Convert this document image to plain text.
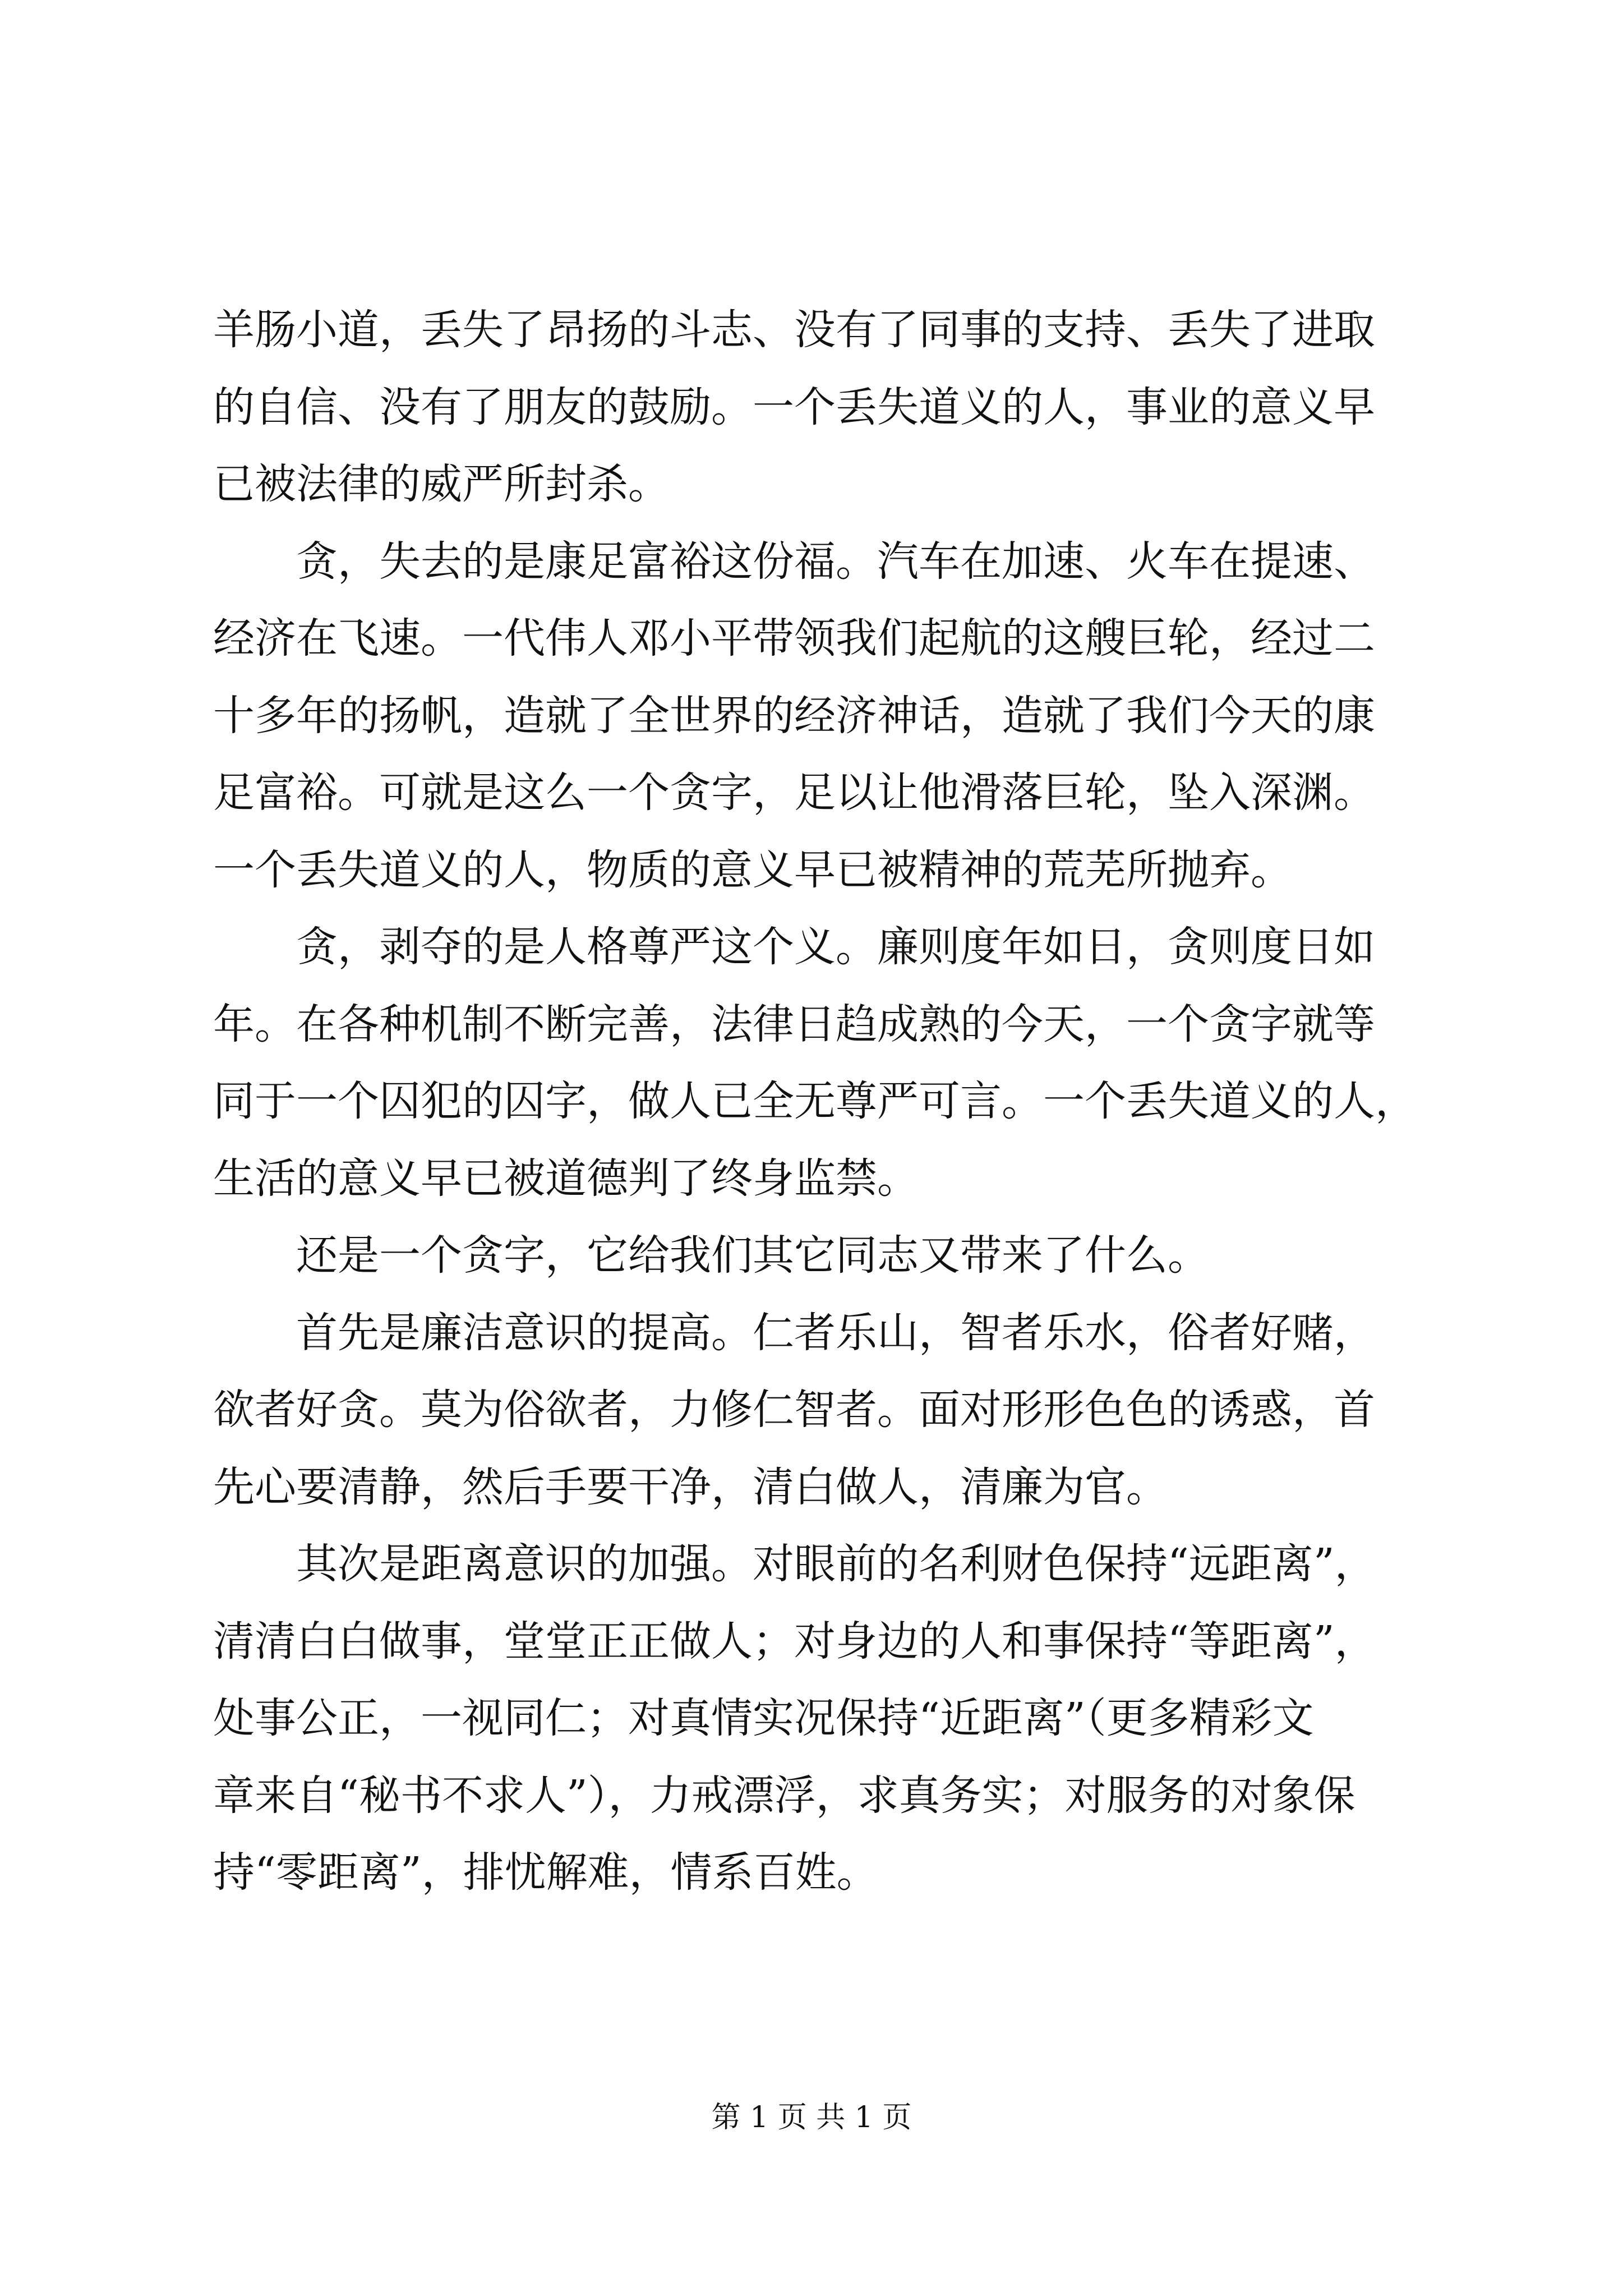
羊肠小道，丢失了昂扬的斗志、没有了同事的支持、丢失了进取
的自信、没有了朋友的鼓励。一个丢失道义的人，事业的意义早
已被法律的威严所封杀。
贪，失去的是康足富裕这份福。汽车在加速、火车在提速、
经济在飞速。一代伟人邓小平带领我们起航的这艘巨轮，经过二
十多年的扬帆，造就了全世界的经济神话，造就了我们今天的康
足富裕。可就是这么一个贪字，足以让他滑落巨轮，坠入深渊。
一个丢失道义的人，物质的意义早已被精神的荒芜所抛弃。
贪，剥夺的是人格尊严这个义。廉则度年如日，贪则度日如
年。在各种机制不断完善，法律日趋成熟的今天，一个贪字就等
同于一个囚犯的囚字，做人已全无尊严可言。一个丢失道义的人，
生活的意义早已被道德判了终身监禁。
还是一个贪字，它给我们其它同志又带来了什么。
首先是廉洁意识的提高。仁者乐山，智者乐水，俗者好赌，
欲者好贪。莫为俗欲者，力修仁智者。面对形形色色的诱惑，首
先心要清静，然后手要干净，清白做人，清廉为官。
其次是距离意识的加强。对眼前的名利财色保持“远距离”，
清清白白做事，堂堂正正做人；对身边的人和事保持“等距离”，
处事公正，一视同仁；对真情实况保持“近距离”（更多精彩文
章来自“秘书不求人”），力戒漂浮，求真务实；对服务的对象保
持“零距离”，排忧解难，情系百姓。
第 1 页 共 1 页
